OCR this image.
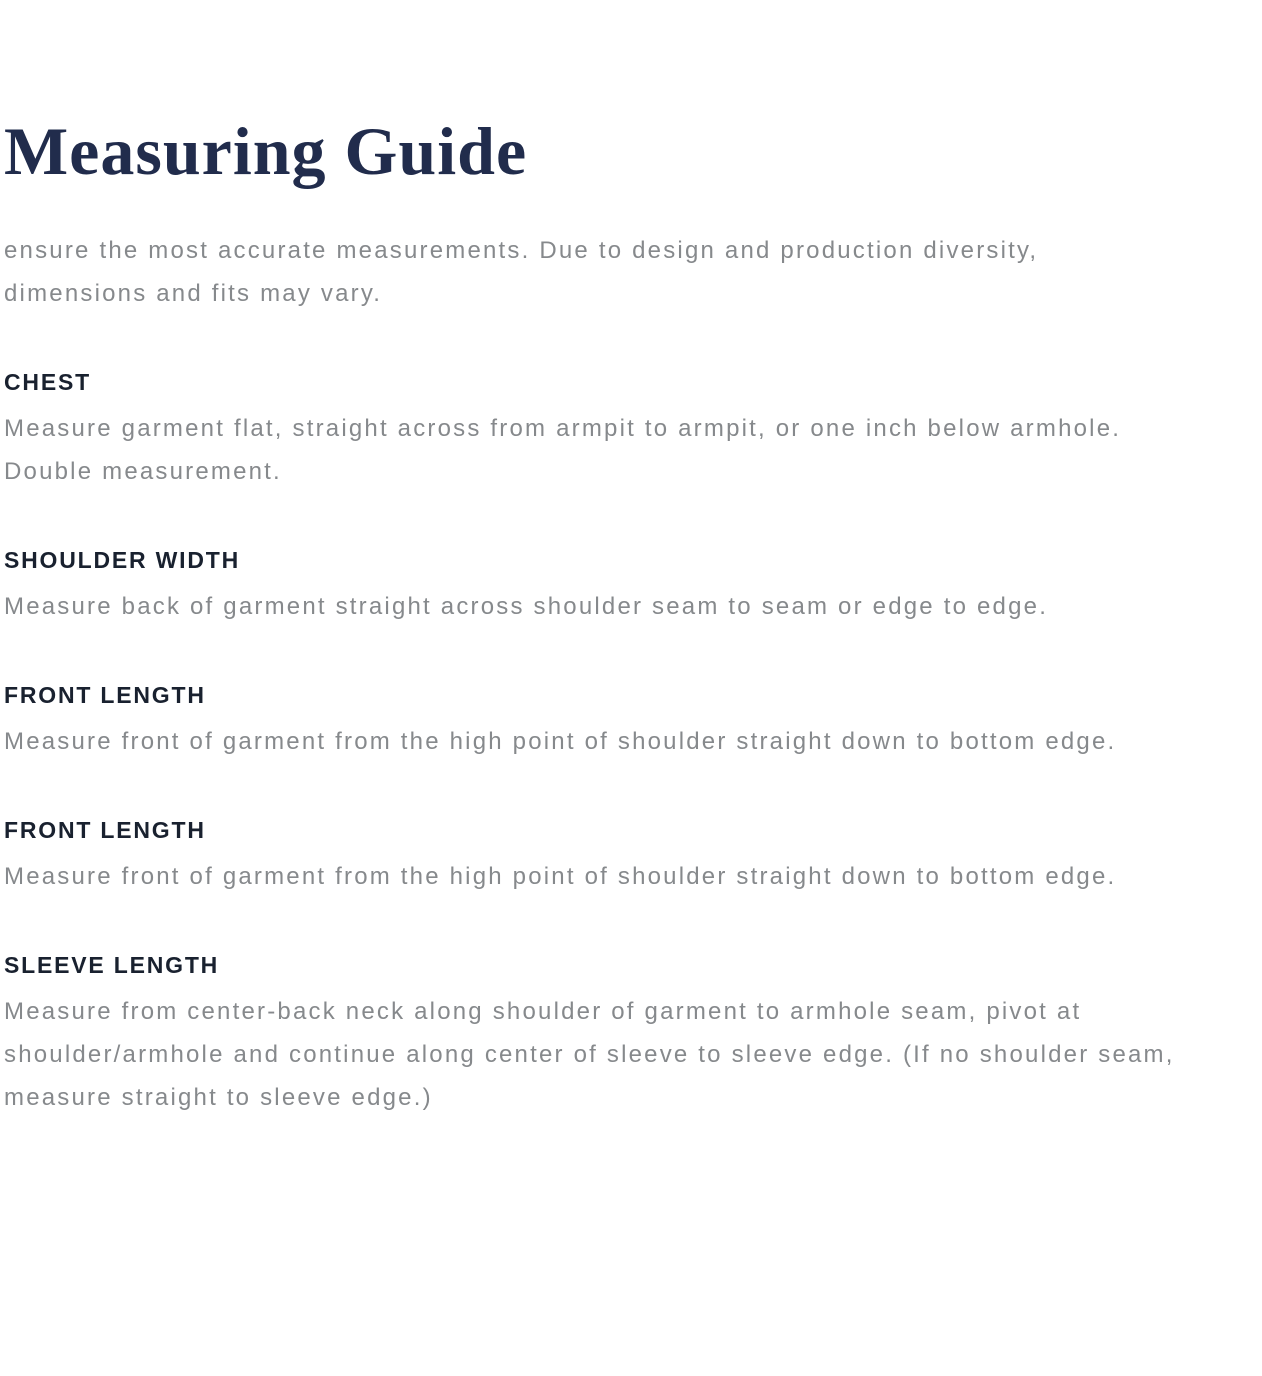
Measuring Guide
ensure the most accurate measurements. Due to design and production diversity,
dimensions and fits may vary.
CHEST
Measure garment flat, straight across from armpit to armpit, or one inch below armhole.
Double measurement.
SHOULDER WIDTH
Measure back of garment straight across shoulder seam to seam or edge to edge.
FRONT LENGTH
Measure front of garment from the high point of shoulder straight down to bottom edge.
FRONT LENGTH
Measure front of garment from the high point of shoulder straight down to bottom edge.
SLEEVE LENGTH
Measure from center-back neck along shoulder of garment to armhole seam, pivot at
shoulder/armhole and continue along center of sleeve to sleeve edge. (If no shoulder seam,
measure straight to sleeve edge.)
